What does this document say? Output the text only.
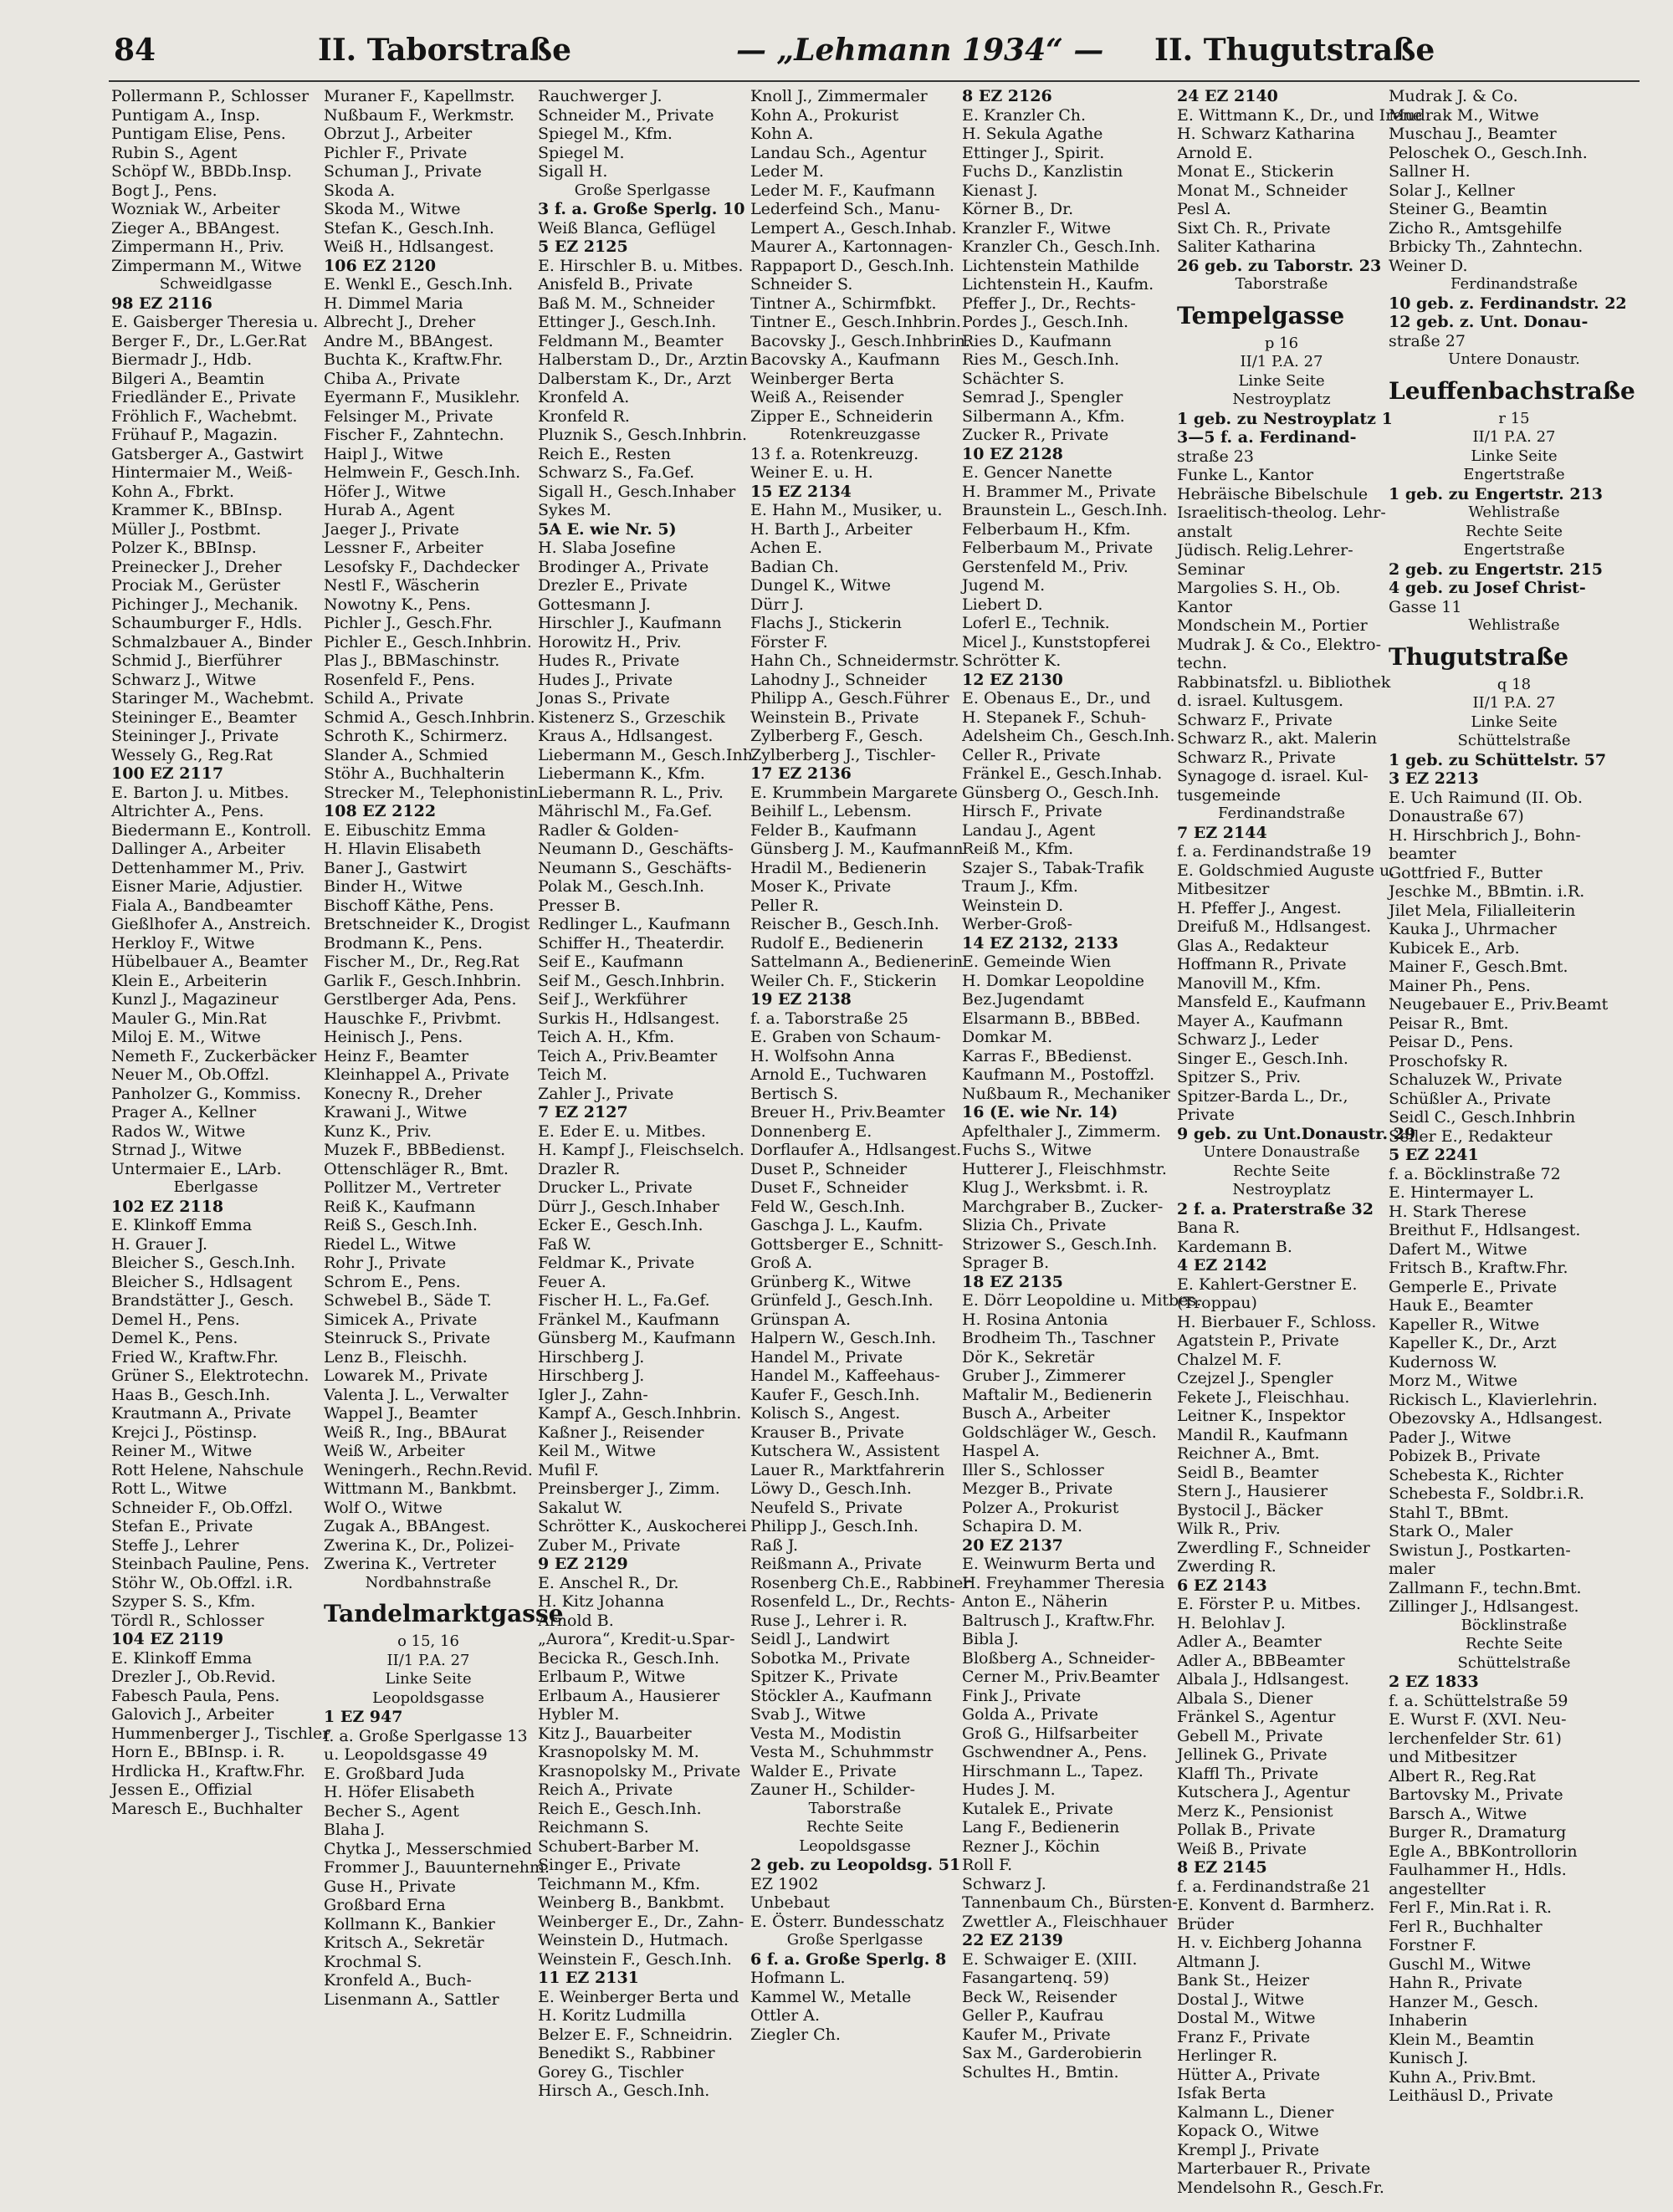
84	II. Taborstraße	— „Lehmann 1934“ — II. Thugutstraße
Pollermann P., Schlosser
Puntigam A., Insp.
Puntigam Elise, Pens.
Rubin S., Agent
Schöpf W., BBDb.Insp.
Bogt J., Pens.
Wozniak W., Arbeiter
Zieger A., BBAngest.
Zimpermann H., Priv.
Zimpermann M., Witwe
Schweidlgasse
98 EZ 2116
E. Gaisberger Theresia u.
Berger F., Dr., L.Ger.Rat
Biermadr J., Hdb.
Bilgeri A., Beamtin
Friedländer E., Private
Fröhlich F., Wachebmt.
Frühauf P., Magazin.
Gatsberger A., Gastwirt
Hintermaier M., Weiß-
Kohn A., Fbrkt.
Krammer K., BBInsp.
Müller J., Postbmt.
Polzer K., BBInsp.
Preinecker J., Dreher
Prociak M., Gerüster
Pichinger J., Mechanik.
Schaumburger F., Hdls.
Schmalzbauer A., Binder
Schmid J., Bierführer
Schwarz J., Witwe
Staringer M., Wachebmt.
Steininger E., Beamter
Steininger J., Private
Wessely G., Reg.Rat
100 EZ 2117
E. Barton J. u. Mitbes.
Altrichter A., Pens.
Biedermann E., Kontroll.
Dallinger A., Arbeiter
Dettenhammer M., Priv.
Eisner Marie, Adjustier.
Fiala A., Bandbeamter
Gießlhofer A., Anstreich.
Herkloy F., Witwe
Hübelbauer A., Beamter
Klein E., Arbeiterin
Kunzl J., Magazineur
Mauler G., Min.Rat
Miloj E. M., Witwe
Nemeth F., Zuckerbäcker
Neuer M., Ob.Offzl.
Panholzer G., Kommiss.
Prager A., Kellner
Rados W., Witwe
Strnad J., Witwe
Untermaier E., LArb.
Eberlgasse
102 EZ 2118
E. Klinkoff Emma
H. Grauer J.
Bleicher S., Gesch.Inh.
Bleicher S., Hdlsagent
Brandstätter J., Gesch.
Demel H., Pens.
Demel K., Pens.
Fried W., Kraftw.Fhr.
Grüner S., Elektrotechn.
Haas B., Gesch.Inh.
Krautmann A., Private
Krejci J., Pöstinsp.
Reiner M., Witwe
Rott Helene, Nahschule
Rott L., Witwe
Schneider F., Ob.Offzl.
Stefan E., Private
Steffe J., Lehrer
Steinbach Pauline, Pens.
Stöhr W., Ob.Offzl. i.R.
Szyper S. S., Kfm.
Tördl R., Schlosser
104 EZ 2119
E. Klinkoff Emma
Drezler J., Ob.Revid.
Fabesch Paula, Pens.
Galovich J., Arbeiter
Hummenberger J., Tischler
Horn E., BBInsp. i. R.
Hrdlicka H., Kraftw.Fhr.
Jessen E., Offizial
Maresch E., Buchhalter
Muraner F., Kapellmstr.
Nußbaum F., Werkmstr.
Obrzut J., Arbeiter
Pichler F., Private
Schuman J., Private
Skoda A.
Skoda M., Witwe
Stefan K., Gesch.Inh.
Weiß H., Hdlsangest.
106 EZ 2120
E. Wenkl E., Gesch.Inh.
H. Dimmel Maria
Albrecht J., Dreher
Andre M., BBAngest.
Buchta K., Kraftw.Fhr.
Chiba A., Private
Eyermann F., Musiklehr.
Felsinger M., Private
Fischer F., Zahntechn.
Haipl J., Witwe
Helmwein F., Gesch.Inh.
Höfer J., Witwe
Hurab A., Agent
Jaeger J., Private
Lessner F., Arbeiter
Lesofsky F., Dachdecker
Nestl F., Wäscherin
Nowotny K., Pens.
Pichler J., Gesch.Fhr.
Pichler E., Gesch.Inhbrin.
Plas J., BBMaschinstr.
Rosenfeld F., Pens.
Schild A., Private
Schmid A., Gesch.Inhbrin.
Schroth K., Schirmerz.
Slander A., Schmied
Stöhr A., Buchhalterin
Strecker M., Telephonistin
108 EZ 2122
E. Eibuschitz Emma
H. Hlavin Elisabeth
Baner J., Gastwirt
Binder H., Witwe
Bischoff Käthe, Pens.
Bretschneider K., Drogist
Brodmann K., Pens.
Fischer M., Dr., Reg.Rat
Garlik F., Gesch.Inhbrin.
Gerstlberger Ada, Pens.
Hauschke F., Privbmt.
Heinisch J., Pens.
Heinz F., Beamter
Kleinhappel A., Private
Konecny R., Dreher
Krawani J., Witwe
Kunz K., Priv.
Muzek F., BBBedienst.
Ottenschläger R., Bmt.
Pollitzer M., Vertreter
Reiß K., Kaufmann
Reiß S., Gesch.Inh.
Riedel L., Witwe
Rohr J., Private
Schrom E., Pens.
Schwebel B., Säde T.
Simicek A., Private
Steinruck S., Private
Lenz B., Fleischh.
Lowarek M., Private
Valenta J. L., Verwalter
Wappel J., Beamter
Weiß R., Ing., BBAurat
Weiß W., Arbeiter
Weningerh., Rechn.Revid.
Wittmann M., Bankbmt.
Wolf O., Witwe
Zugak A., BBAngest.
Zwerina K., Dr., Polizei-
Zwerina K., Vertreter
Nordbahnstraße
Tandelmarktgasse
o 15, 16
II/1 P.A. 27
Linke Seite
Leopoldsgasse
1 EZ 947
f. a. Große Sperlgasse 13
u. Leopoldsgasse 49
E. Großbard Juda
H. Höfer Elisabeth
Becher S., Agent
Blaha J.
Chytka J., Messerschmied
Frommer J., Bauunternehm.
Guse H., Private
Großbard Erna
Kollmann K., Bankier
Kritsch A., Sekretär
Krochmal S.
Kronfeld A., Buch-
Lisenmann A., Sattler
Rauchwerger J.
Schneider M., Private
Spiegel M., Kfm.
Spiegel M.
Sigall H.
Große Sperlgasse
3 f. a. Große Sperlg. 10
Weiß Blanca, Geflügel
5 EZ 2125
E. Hirschler B. u. Mitbes.
Anisfeld B., Private
Baß M. M., Schneider
Ettinger J., Gesch.Inh.
Feldmann M., Beamter
Halberstam D., Dr., Arztin
Dalberstam K., Dr., Arzt
Kronfeld A.
Kronfeld R.
Pluznik S., Gesch.Inhbrin.
Reich E., Resten
Schwarz S., Fa.Gef.
Sigall H., Gesch.Inhaber
Sykes M.
5A E. wie Nr. 5)
H. Slaba Josefine
Brodinger A., Private
Drezler E., Private
Gottesmann J.
Hirschler J., Kaufmann
Horowitz H., Priv.
Hudes R., Private
Hudes J., Private
Jonas S., Private
Kistenerz S., Grzeschik
Kraus A., Hdlsangest.
Liebermann M., Gesch.Inh.
Liebermann K., Kfm.
Liebermann R. L., Priv.
Mährischl M., Fa.Gef.
Radler & Golden-
Neumann D., Geschäfts-
Neumann S., Geschäfts-
Polak M., Gesch.Inh.
Presser B.
Redlinger L., Kaufmann
Schiffer H., Theaterdir.
Seif E., Kaufmann
Seif M., Gesch.Inhbrin.
Seif J., Werkführer
Surkis H., Hdlsangest.
Teich A. H., Kfm.
Teich A., Priv.Beamter
Teich M.
Zahler J., Private
7 EZ 2127
E. Eder E. u. Mitbes.
H. Kampf J., Fleischselch.
Drazler R.
Drucker L., Private
Dürr J., Gesch.Inhaber
Ecker E., Gesch.Inh.
Faß W.
Feldmar K., Private
Feuer A.
Fischer H. L., Fa.Gef.
Fränkel M., Kaufmann
Günsberg M., Kaufmann
Hirschberg J.
Hirschberg J.
Igler J., Zahn-
Kampf A., Gesch.Inhbrin.
Kaßner J., Reisender
Keil M., Witwe
Mufil F.
Preinsberger J., Zimm.
Sakalut W.
Schrötter K., Auskocherei
Zuber M., Private
9 EZ 2129
E. Anschel R., Dr.
H. Kitz Johanna
Arnold B.
„Aurora“, Kredit-u.Spar-
Becicka R., Gesch.Inh.
Erlbaum P., Witwe
Erlbaum A., Hausierer
Hybler M.
Kitz J., Bauarbeiter
Krasnopolsky M. M.
Krasnopolsky M., Private
Reich A., Private
Reich E., Gesch.Inh.
Reichmann S.
Schubert-Barber M.
Singer E., Private
Teichmann M., Kfm.
Weinberg B., Bankbmt.
Weinberger E., Dr., Zahn-
Weinstein D., Hutmach.
Weinstein F., Gesch.Inh.
11 EZ 2131
E. Weinberger Berta und
H. Koritz Ludmilla
Belzer E. F., Schneidrin.
Benedikt S., Rabbiner
Gorey G., Tischler
Hirsch A., Gesch.Inh.
Knoll J., Zimmermaler
Kohn A., Prokurist
Kohn A.
Landau Sch., Agentur
Leder M.
Leder M. F., Kaufmann
Lederfeind Sch., Manu-
Lempert A., Gesch.Inhab.
Maurer A., Kartonnagen-
Rappaport D., Gesch.Inh.
Schneider S.
Tintner A., Schirmfbkt.
Tintner E., Gesch.Inhbrin.
Bacovsky J., Gesch.Inhbrin.
Bacovsky A., Kaufmann
Weinberger Berta
Weiß A., Reisender
Zipper E., Schneiderin
Rotenkreuzgasse
13 f. a. Rotenkreuzg.
Weiner E. u. H.
15 EZ 2134
E. Hahn M., Musiker, u.
H. Barth J., Arbeiter
Achen E.
Badian Ch.
Dungel K., Witwe
Dürr J.
Flachs J., Stickerin
Förster F.
Hahn Ch., Schneidermstr.
Lahodny J., Schneider
Philipp A., Gesch.Führer
Weinstein B., Private
Zylberberg F., Gesch.
Zylberberg J., Tischler-
17 EZ 2136
E. Krummbein Margarete
Beihilf L., Lebensm.
Felder B., Kaufmann
Günsberg J. M., Kaufmann
Hradil M., Bedienerin
Moser K., Private
Peller R.
Reischer B., Gesch.Inh.
Rudolf E., Bedienerin
Sattelmann A., Bedienerin
Weiler Ch. F., Stickerin
19 EZ 2138
f. a. Taborstraße 25
E. Graben von Schaum-
H. Wolfsohn Anna
Arnold E., Tuchwaren
Bertisch S.
Breuer H., Priv.Beamter
Donnenberg E.
Dorflaufer A., Hdlsangest.
Duset P., Schneider
Duset F., Schneider
Feld W., Gesch.Inh.
Gaschga J. L., Kaufm.
Gottsberger E., Schnitt-
Groß A.
Grünberg K., Witwe
Grünfeld J., Gesch.Inh.
Grünspan A.
Halpern W., Gesch.Inh.
Handel M., Private
Handel M., Kaffeehaus-
Kaufer F., Gesch.Inh.
Kolisch S., Angest.
Krauser B., Private
Kutschera W., Assistent
Lauer R., Marktfahrerin
Löwy D., Gesch.Inh.
Neufeld S., Private
Philipp J., Gesch.Inh.
Raß J.
Reißmann A., Private
Rosenberg Ch.E., Rabbiner
Rosenfeld L., Dr., Rechts-
Ruse J., Lehrer i. R.
Seidl J., Landwirt
Sobotka M., Private
Spitzer K., Private
Stöckler A., Kaufmann
Svab J., Witwe
Vesta M., Modistin
Vesta M., Schuhmmstr
Walder E., Private
Zauner H., Schilder-
Taborstraße
Rechte Seite
Leopoldsgasse
2 geb. zu Leopoldsg. 51
EZ 1902
Unbebaut
E. Österr. Bundesschatz
Große Sperlgasse
6 f. a. Große Sperlg. 8
Hofmann L.
Kammel W., Metalle
Ottler A.
Ziegler Ch.
8 EZ 2126
E. Kranzler Ch.
H. Sekula Agathe
Ettinger J., Spirit.
Fuchs D., Kanzlistin
Kienast J.
Körner B., Dr.
Kranzler F., Witwe
Kranzler Ch., Gesch.Inh.
Lichtenstein Mathilde
Lichtenstein H., Kaufm.
Pfeffer J., Dr., Rechts-
Pordes J., Gesch.Inh.
Ries D., Kaufmann
Ries M., Gesch.Inh.
Schächter S.
Semrad J., Spengler
Silbermann A., Kfm.
Zucker R., Private
10 EZ 2128
E. Gencer Nanette
H. Brammer M., Private
Braunstein L., Gesch.Inh.
Felberbaum H., Kfm.
Felberbaum M., Private
Gerstenfeld M., Priv.
Jugend M.
Liebert D.
Loferl E., Technik.
Micel J., Kunststopferei
Schrötter K.
12 EZ 2130
E. Obenaus E., Dr., und
H. Stepanek F., Schuh-
Adelsheim Ch., Gesch.Inh.
Celler R., Private
Fränkel E., Gesch.Inhab.
Günsberg O., Gesch.Inh.
Hirsch F., Private
Landau J., Agent
Reiß M., Kfm.
Szajer S., Tabak-Trafik
Traum J., Kfm.
Weinstein D.
Werber-Groß-
14 EZ 2132, 2133
E. Gemeinde Wien
H. Domkar Leopoldine
Bez.Jugendamt
Elsarmann B., BBBed.
Domkar M.
Karras F., BBedienst.
Kaufmann M., Postoffzl.
Nußbaum R., Mechaniker
16 (E. wie Nr. 14)
Apfelthaler J., Zimmerm.
Fuchs S., Witwe
Hutterer J., Fleischhmstr.
Klug J., Werksbmt. i. R.
Marchgraber B., Zucker-
Slizia Ch., Private
Strizower S., Gesch.Inh.
Sprager B.
18 EZ 2135
E. Dörr Leopoldine u. Mitbes.
H. Rosina Antonia
Brodheim Th., Taschner
Dör K., Sekretär
Gruber J., Zimmerer
Maftalir M., Bedienerin
Busch A., Arbeiter
Goldschläger W., Gesch.
Haspel A.
Iller S., Schlosser
Mezger B., Private
Polzer A., Prokurist
Schapira D. M.
20 EZ 2137
E. Weinwurm Berta und
H. Freyhammer Theresia
Anton E., Näherin
Baltrusch J., Kraftw.Fhr.
Bibla J.
Bloßberg A., Schneider-
Cerner M., Priv.Beamter
Fink J., Private
Golda A., Private
Groß G., Hilfsarbeiter
Gschwendner A., Pens.
Hirschmann L., Tapez.
Hudes J. M.
Kutalek E., Private
Lang F., Bedienerin
Rezner J., Köchin
Roll F.
Schwarz J.
Tannenbaum Ch., Bürsten-
Zwettler A., Fleischhauer
22 EZ 2139
E. Schwaiger E. (XIII.
Fasangartenq. 59)
Beck W., Reisender
Geller P., Kaufrau
Kaufer M., Private
Sax M., Garderobierin
Schultes H., Bmtin.
24 EZ 2140
E. Wittmann K., Dr., und Irene
H. Schwarz Katharina
Arnold E.
Monat E., Stickerin
Monat M., Schneider
Pesl A.
Sixt Ch. R., Private
Saliter Katharina
26 geb. zu Taborstr. 23
Taborstraße
Tempelgasse
p 16
II/1 P.A. 27
Linke Seite
Nestroyplatz
1 geb. zu Nestroyplatz 1
3—5 f. a. Ferdinand-
straße 23
Funke L., Kantor
Hebräische Bibelschule
Israelitisch-theolog. Lehr-
anstalt
Jüdisch. Relig.Lehrer-
Seminar
Margolies S. H., Ob.
Kantor
Mondschein M., Portier
Mudrak J. & Co., Elektro-
techn.
Rabbinatsfzl. u. Bibliothek
d. israel. Kultusgem.
Schwarz F., Private
Schwarz R., akt. Malerin
Schwarz R., Private
Synagoge d. israel. Kul-
tusgemeinde
Ferdinandstraße
7 EZ 2144
f. a. Ferdinandstraße 19
E. Goldschmied Auguste u.
Mitbesitzer
H. Pfeffer J., Angest.
Dreifuß M., Hdlsangest.
Glas A., Redakteur
Hoffmann R., Private
Manovill M., Kfm.
Mansfeld E., Kaufmann
Mayer A., Kaufmann
Schwarz J., Leder
Singer E., Gesch.Inh.
Spitzer S., Priv.
Spitzer-Barda L., Dr.,
Private
9 geb. zu Unt.Donaustr. 29
Untere Donaustraße
Rechte Seite
Nestroyplatz
2 f. a. Praterstraße 32
Bana R.
Kardemann B.
4 EZ 2142
E. Kahlert-Gerstner E.
(Troppau)
H. Bierbauer F., Schloss.
Agatstein P., Private
Chalzel M. F.
Czejzel J., Spengler
Fekete J., Fleischhau.
Leitner K., Inspektor
Mandil R., Kaufmann
Reichner A., Bmt.
Seidl B., Beamter
Stern J., Hausierer
Bystocil J., Bäcker
Wilk R., Priv.
Zwerdling F., Schneider
Zwerding R.
6 EZ 2143
E. Förster P. u. Mitbes.
H. Belohlav J.
Adler A., Beamter
Adler A., BBBeamter
Albala J., Hdlsangest.
Albala S., Diener
Fränkel S., Agentur
Gebell M., Private
Jellinek G., Private
Klaffl Th., Private
Kutschera J., Agentur
Merz K., Pensionist
Pollak B., Private
Weiß B., Private
8 EZ 2145
f. a. Ferdinandstraße 21
E. Konvent d. Barmherz.
Brüder
H. v. Eichberg Johanna
Altmann J.
Bank St., Heizer
Dostal J., Witwe
Dostal M., Witwe
Franz F., Private
Herlinger R.
Hütter A., Private
Isfak Berta
Kalmann L., Diener
Kopack O., Witwe
Krempl J., Private
Marterbauer R., Private
Mendelsohn R., Gesch.Fr.
Mudrak J. & Co.
Mudrak M., Witwe
Muschau J., Beamter
Peloschek O., Gesch.Inh.
Sallner H.
Solar J., Kellner
Steiner G., Beamtin
Zicho R., Amtsgehilfe
Brbicky Th., Zahntechn.
Weiner D.
Ferdinandstraße
10 geb. z. Ferdinandstr. 22
12 geb. z. Unt. Donau-
straße 27
Untere Donaustr.
Leuffenbachstraße
r 15
II/1 P.A. 27
Linke Seite
Engertstraße
1 geb. zu Engertstr. 213
Wehlistraße
Rechte Seite
Engertstraße
2 geb. zu Engertstr. 215
4 geb. zu Josef Christ-
Gasse 11
Wehlistraße
Thugutstraße
q 18
II/1 P.A. 27
Linke Seite
Schüttelstraße
1 geb. zu Schüttelstr. 57
3 EZ 2213
E. Uch Raimund (II. Ob.
Donaustraße 67)
H. Hirschbrich J., Bohn-
beamter
Gottfried F., Butter
Jeschke M., BBmtin. i.R.
Jilet Mela, Filialleiterin
Kauka J., Uhrmacher
Kubicek E., Arb.
Mainer F., Gesch.Bmt.
Mainer Ph., Pens.
Neugebauer E., Priv.Beamt
Peisar R., Bmt.
Peisar D., Pens.
Proschofsky R.
Schaluzek W., Private
Schüßler A., Private
Seidl C., Gesch.Inhbrin
Seiler E., Redakteur
5 EZ 2241
f. a. Böcklinstraße 72
E. Hintermayer L.
H. Stark Therese
Breithut F., Hdlsangest.
Dafert M., Witwe
Fritsch B., Kraftw.Fhr.
Gemperle E., Private
Hauk E., Beamter
Kapeller R., Witwe
Kapeller K., Dr., Arzt
Kudernoss W.
Morz M., Witwe
Rickisch L., Klavierlehrin.
Obezovsky A., Hdlsangest.
Pader J., Witwe
Pobizek B., Private
Schebesta K., Richter
Schebesta F., Soldbr.i.R.
Stahl T., BBmt.
Stark O., Maler
Swistun J., Postkarten-
maler
Zallmann F., techn.Bmt.
Zillinger J., Hdlsangest.
Böcklinstraße
Rechte Seite
Schüttelstraße
2 EZ 1833
f. a. Schüttelstraße 59
E. Wurst F. (XVI. Neu-
lerchenfelder Str. 61)
und Mitbesitzer
Albert R., Reg.Rat
Bartovsky M., Private
Barsch A., Witwe
Burger R., Dramaturg
Egle A., BBKontrollorin
Faulhammer H., Hdls.
angestellter
Ferl F., Min.Rat i. R.
Ferl R., Buchhalter
Forstner F.
Guschl M., Witwe
Hahn R., Private
Hanzer M., Gesch.
Inhaberin
Klein M., Beamtin
Kunisch J.
Kuhn A., Priv.Bmt.
Leithäusl D., Private
